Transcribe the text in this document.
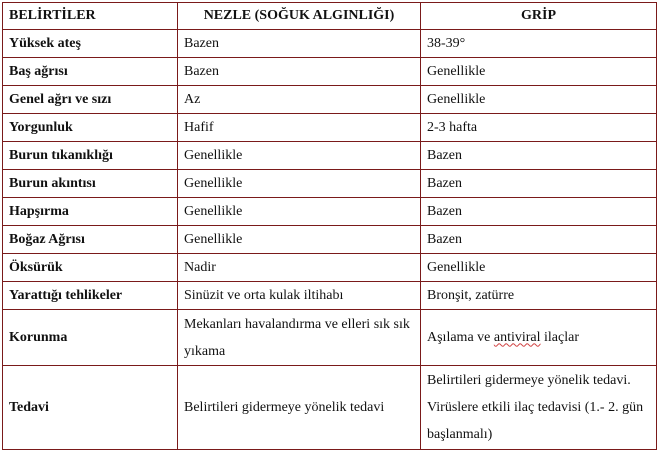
BELİRTİLER	NEZLE (SOĞUK ALGINLIĞI)	GRİP
Yüksek ateş	Bazen	38-39°
Baş ağrısı	Bazen	Genellikle
Genel ağrı ve sızı	Az	Genellikle
Yorgunluk	Hafif	2-3 hafta
Burun tıkanıklığı	Genellikle	Bazen
Burun akıntısı	Genellikle	Bazen
Hapşırma	Genellikle	Bazen
Boğaz Ağrısı	Genellikle	Bazen
Öksürük	Nadir	Genellikle
Yarattığı tehlikeler	Sinüzit ve orta kulak iltihabı	Bronşit, zatürre
Korunma	Mekanları havalandırma ve elleri sık sık yıkama	Aşılama ve antiviral ilaçlar
Tedavi	Belirtileri gidermeye yönelik tedavi	Belirtileri gidermeye yönelik tedavi. Virüslere etkili ilaç tedavisi (1.- 2. gün başlanmalı)
